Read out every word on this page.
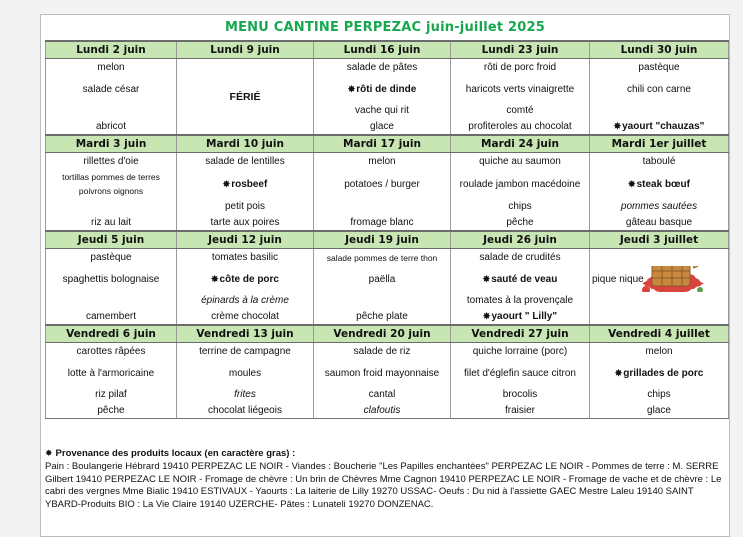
MENU CANTINE PERPEZAC juin-juillet 2025
Lundi 2 juin	Lundi 9 juin	Lundi 16 juin	Lundi 23 juin	Lundi 30 juin
melon		salade de pâtes	rôti de porc froid	pastèque
salade césar	FÉRIÉ	✸rôti de dinde	haricots verts vinaigrette	chili con carne
		vache qui rit	comté	
abricot		glace	profiteroles au chocolat	✸yaourt "chauzas"
Mardi 3 juin	Mardi 10 juin	Mardi 17 juin	Mardi 24 juin	Mardi 1er juillet
rillettes d'oie	salade de lentilles	melon	quiche au saumon	taboulé
tortillas pommes de terres poivrons oignons	✸rosbeef	potatoes / burger	roulade jambon macédoine	✸steak bœuf
	petit pois		chips	pommes sautées
riz au lait	tarte aux poires	fromage blanc	pêche	gâteau basque
Jeudi 5 juin	Jeudi 12 juin	Jeudi 19 juin	Jeudi 26 juin	Jeudi 3 juillet
pastèque	tomates basilic	salade pommes de terre thon	salade de crudités	
spaghettis bolognaise	✸côte de porc	paëlla	✸sauté de veau	pique nique

	épinards à la crème		tomates à la provençale	
camembert	crème chocolat	pêche plate	✸yaourt " Lilly"	
Vendredi 6 juin	Vendredi 13 juin	Vendredi 20 juin	Vendredi 27 juin	Vendredi 4 juillet
carottes râpées	terrine de campagne	salade de riz	quiche lorraine (porc)	melon
lotte à l'armoricaine	moules	saumon froid mayonnaise	filet d'églefin sauce citron	✸grillades de porc
riz pilaf	frites	cantal	brocolis	chips
pêche	chocolat liégeois	clafoutis	fraisier	glace
✸ Provenance des produits locaux (en caractère gras) :
Pain : Boulangerie Hébrard 19410 PERPEZAC LE NOIR - Viandes : Boucherie "Les Papilles enchantées" PERPEZAC LE NOIR - Pommes de terre : M. SERRE Gilbert 19410 PERPEZAC LE NOIR - Fromage de chèvre : Un brin de Chèvres Mme Cagnon 19410 PERPEZAC LE NOIR - Fromage de vache et de chèvre : Le cabri des vergnes Mme Bialic 19410 ESTIVAUX - Yaourts : La laiterie de Lilly 19270 USSAC- Oeufs : Du nid à l'assiette GAEC Mestre Laleu 19140 SAINT YBARD-Produits BIO : La Vie Claire 19140 UZERCHE- Pâtes : Lunateli 19270 DONZENAC.
